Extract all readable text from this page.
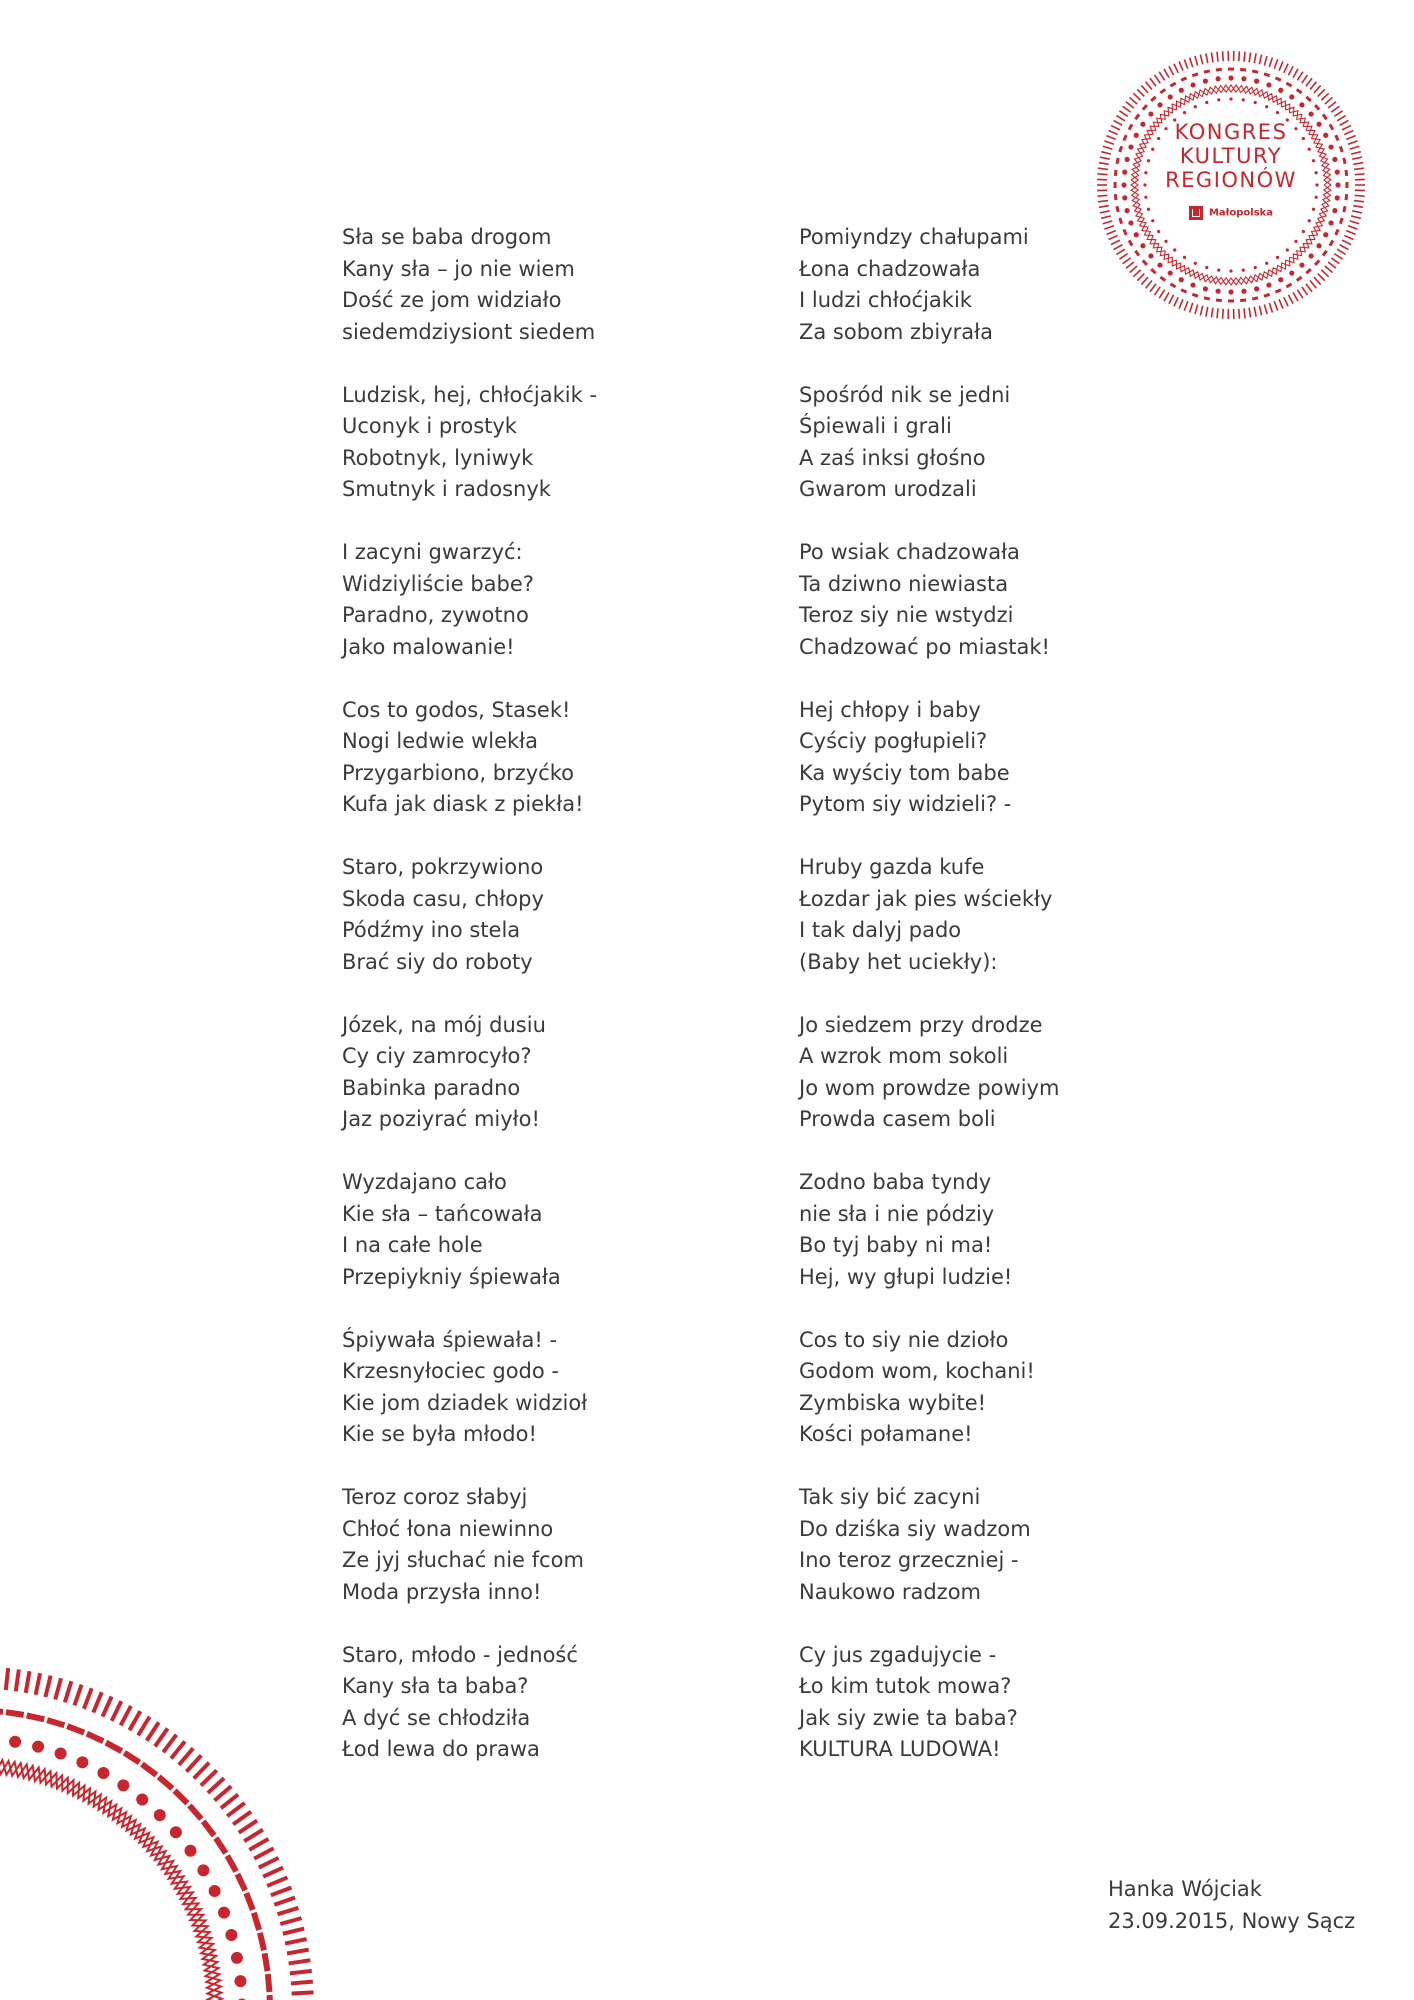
KONGRES
KULTURY
REGIONÓW
Małopolska
Sła se baba drogom
Kany sła – jo nie wiem
Dość ze jom widziało
siedemdziysiont siedem
Ludzisk, hej, chłoćjakik -
Uconyk i prostyk
Robotnyk, lyniwyk
Smutnyk i radosnyk
I zacyni gwarzyć:
Widziyliście babe?
Paradno, zywotno
Jako malowanie!
Cos to godos, Stasek!
Nogi ledwie wlekła
Przygarbiono, brzyćko
Kufa jak diask z piekła!
Staro, pokrzywiono
Skoda casu, chłopy
Pódźmy ino stela
Brać siy do roboty
Józek, na mój dusiu
Cy ciy zamrocyło?
Babinka paradno
Jaz poziyrać miyło!
Wyzdajano cało
Kie sła – tańcowała
I na całe hole
Przepiykniy śpiewała
Śpiywała śpiewała! -
Krzesnyłociec godo -
Kie jom dziadek widzioł
Kie se była młodo!
Teroz coroz słabyj
Chłoć łona niewinno
Ze jyj słuchać nie fcom
Moda przysła inno!
Staro, młodo - jedność
Kany sła ta baba?
A dyć se chłodziła
Łod lewa do prawa
Pomiyndzy chałupami
Łona chadzowała
I ludzi chłoćjakik
Za sobom zbiyrała
Spośród nik se jedni
Śpiewali i grali
A zaś inksi głośno
Gwarom urodzali
Po wsiak chadzowała
Ta dziwno niewiasta
Teroz siy nie wstydzi
Chadzować po miastak!
Hej chłopy i baby
Cyściy pogłupieli?
Ka wyściy tom babe
Pytom siy widzieli? -
Hruby gazda kufe
Łozdar jak pies wściekły
I tak dalyj pado
(Baby het uciekły):
Jo siedzem przy drodze
A wzrok mom sokoli
Jo wom prowdze powiym
Prowda casem boli
Zodno baba tyndy
nie sła i nie pódziy
Bo tyj baby ni ma!
Hej, wy głupi ludzie!
Cos to siy nie dzioło
Godom wom, kochani!
Zymbiska wybite!
Kości połamane!
Tak siy bić zacyni
Do dziśka siy wadzom
Ino teroz grzeczniej -
Naukowo radzom
Cy jus zgadujycie -
Ło kim tutok mowa?
Jak siy zwie ta baba?
KULTURA LUDOWA!
Hanka Wójciak
23.09.2015, Nowy Sącz
